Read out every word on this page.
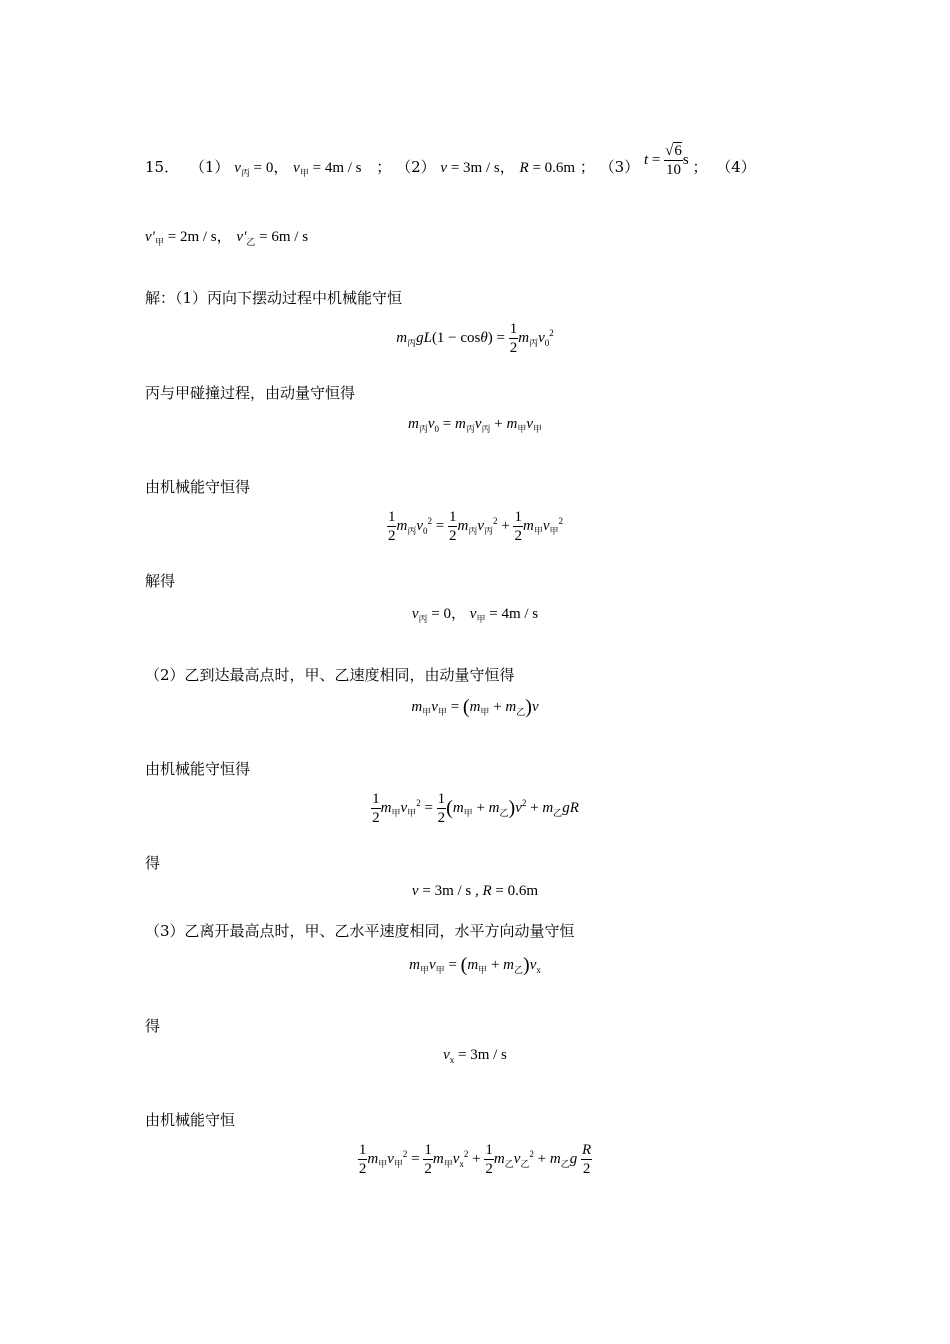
15． （1） $v_丙 = 0$， $v_甲 = 4m / s$ ； （2） v = 3m / s， R = 0.6m ； （3） $t = \frac{√6}{10}$ s ； （4）
$v'_甲 = 2m / s$， $v'_乙 = 6m / s$
解：（1）丙向下摆动过程中机械能守恒
$m_丙gL(1 - \cos\theta) = \frac{1}{2} m_丙v_0^2$
丙与甲碰撞过程，由动量守恒得
$m_丙v_0 = m_丙v_丙 + m_甲v_甲$
由机械能守恒得
$\frac{1}{2} m_丙v_0^2 = \frac{1}{2} m_丙v_丙^2 + \frac{1}{2} m_甲v_甲^2$
解得
$v_丙 = 0$， $v_甲 = 4m / s$
（2）乙到达最高点时，甲、乙速度相同，由动量守恒得
$m_甲v_甲 = (m_甲 + m_乙)v$
由机械能守恒得
$\frac{1}{2} m_甲v_甲^2 = \frac{1}{2} (m_甲 + m_乙)v^2 + m_乙gR$
得
v = 3m / s , R = 0.6m
（3）乙离开最高点时，甲、乙水平速度相同，水平方向动量守恒
$m_甲v_甲 = (m_甲 + m_乙)v_x$
得
$v_x = 3m / s$
由机械能守恒
$\frac{1}{2} m_甲v_甲^2 = \frac{1}{2} m_甲v_x^2 + \frac{1}{2} m_乙v_乙^2 + m_乙g \frac{R}{2}$
